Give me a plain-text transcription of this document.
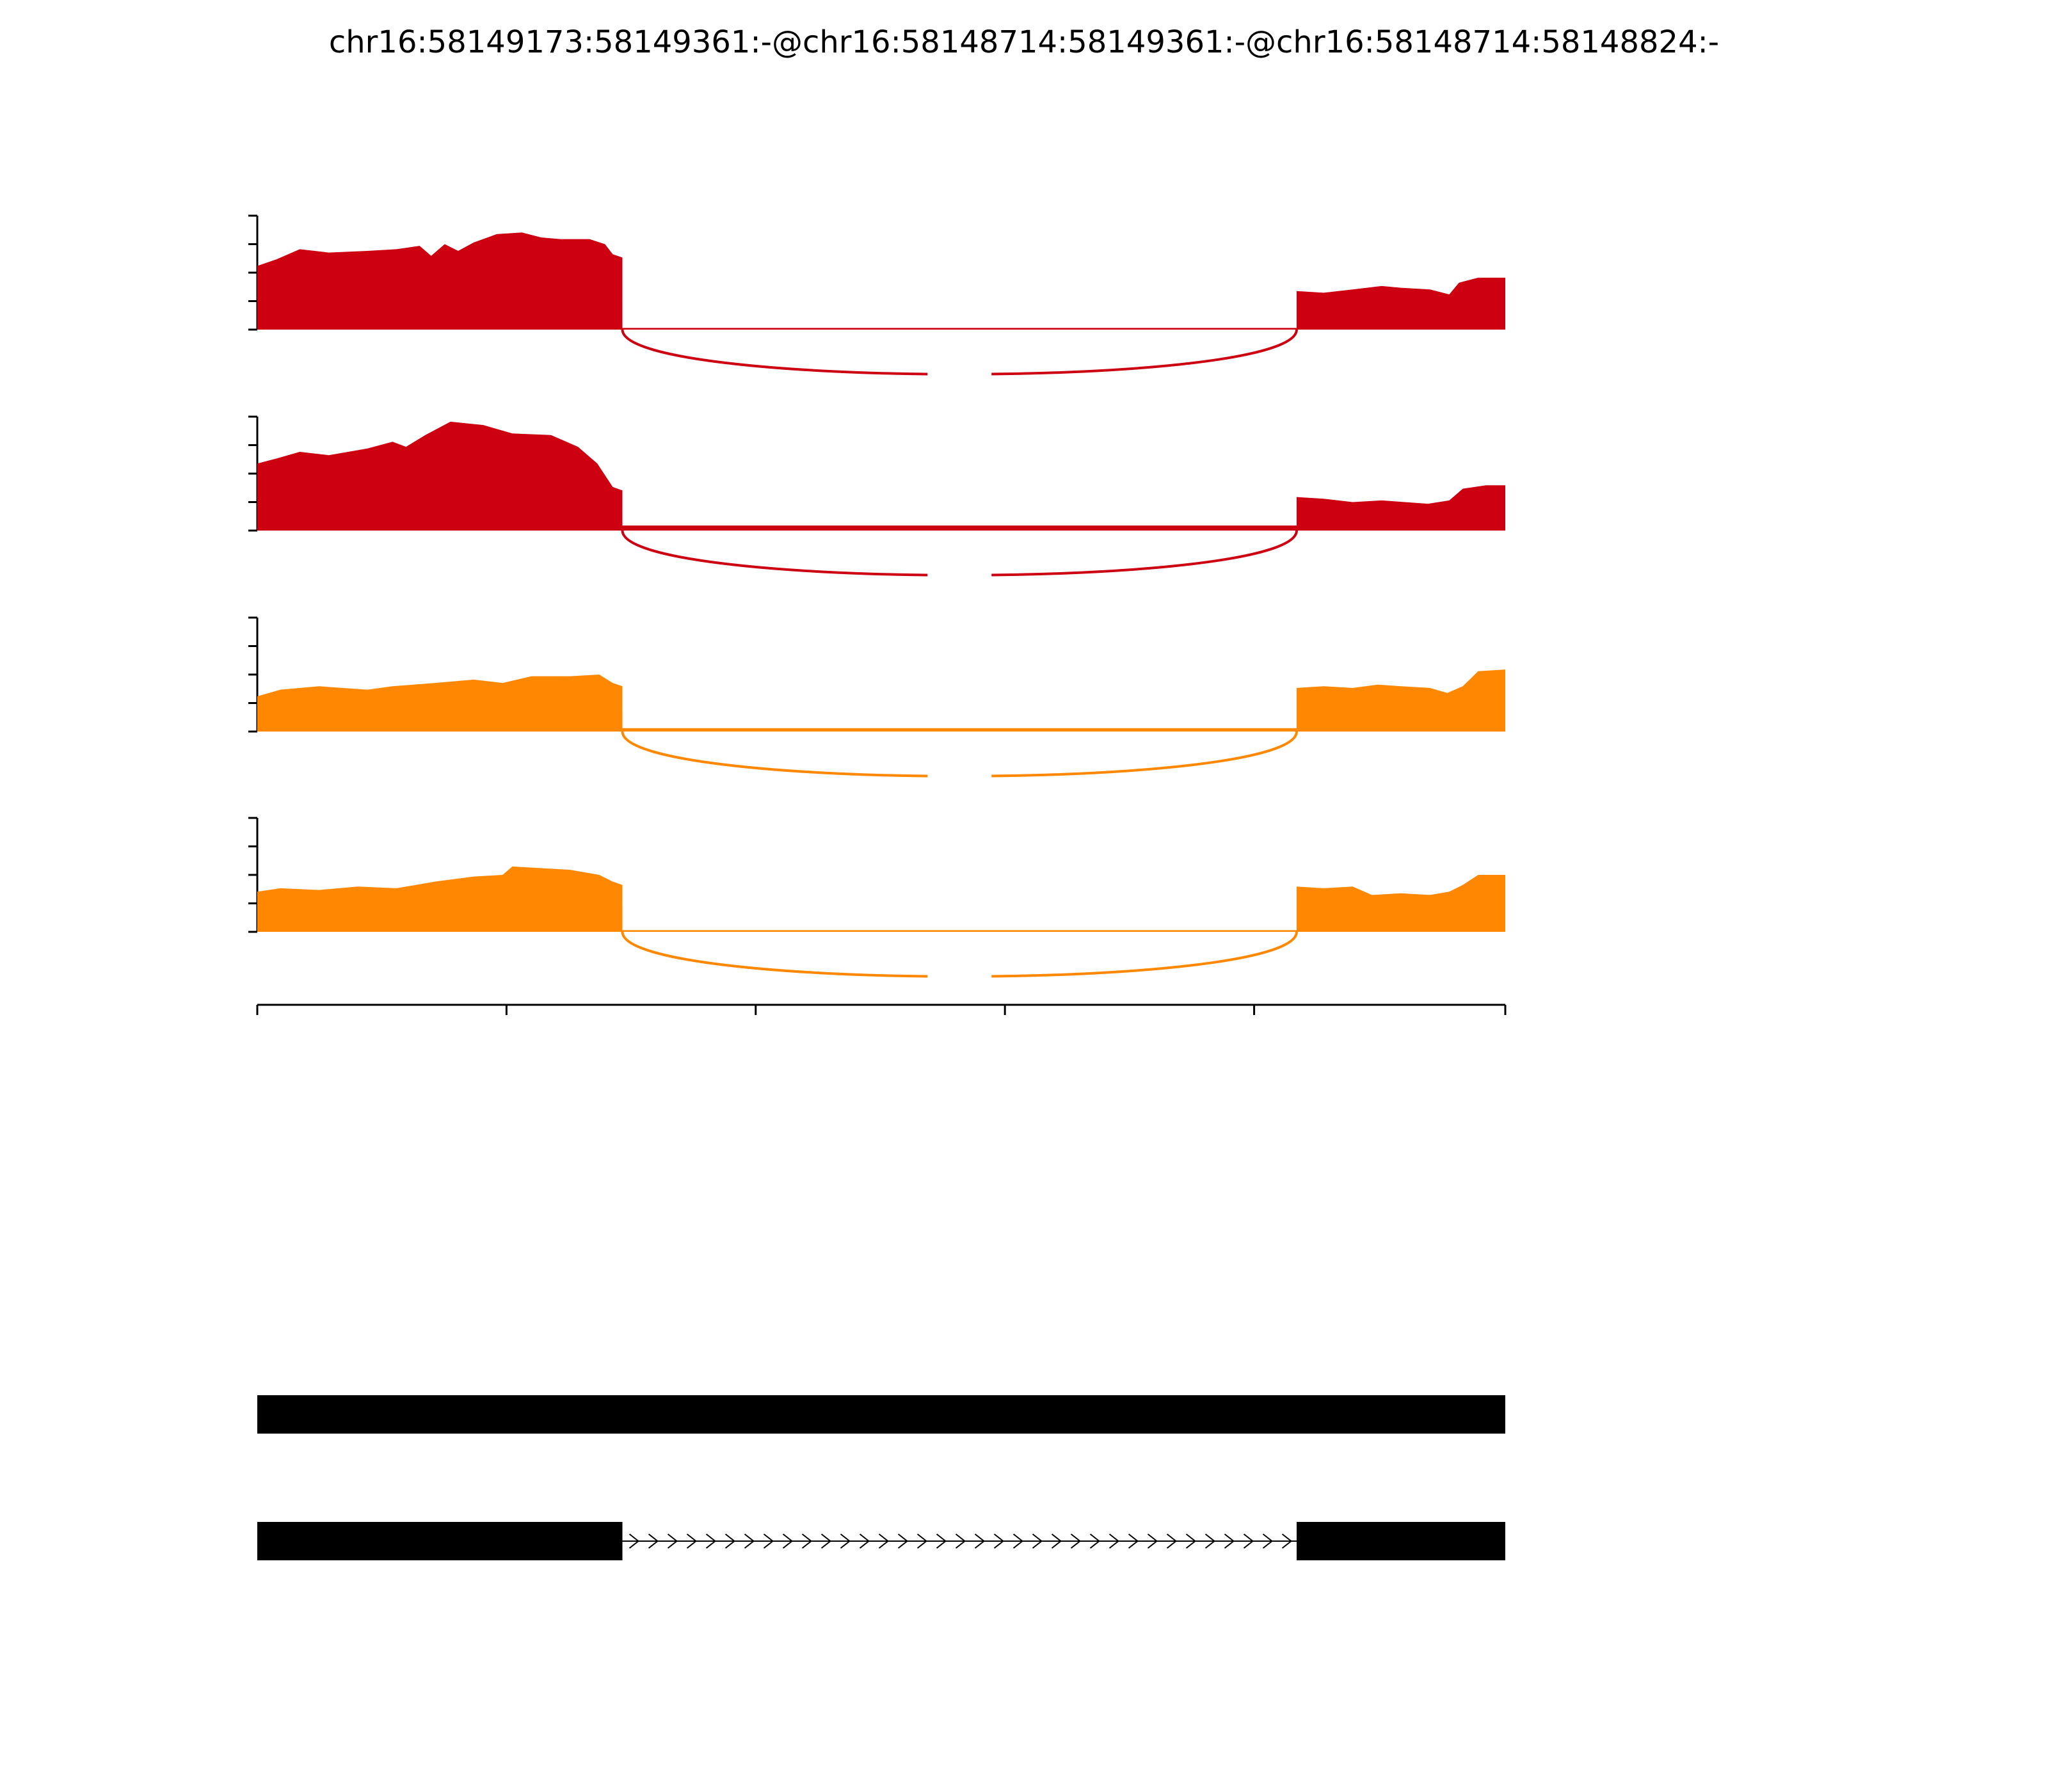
chr16:58149173:58149361:-@chr16:58148714:58149361:-@chr16:58148714:58148824:-
